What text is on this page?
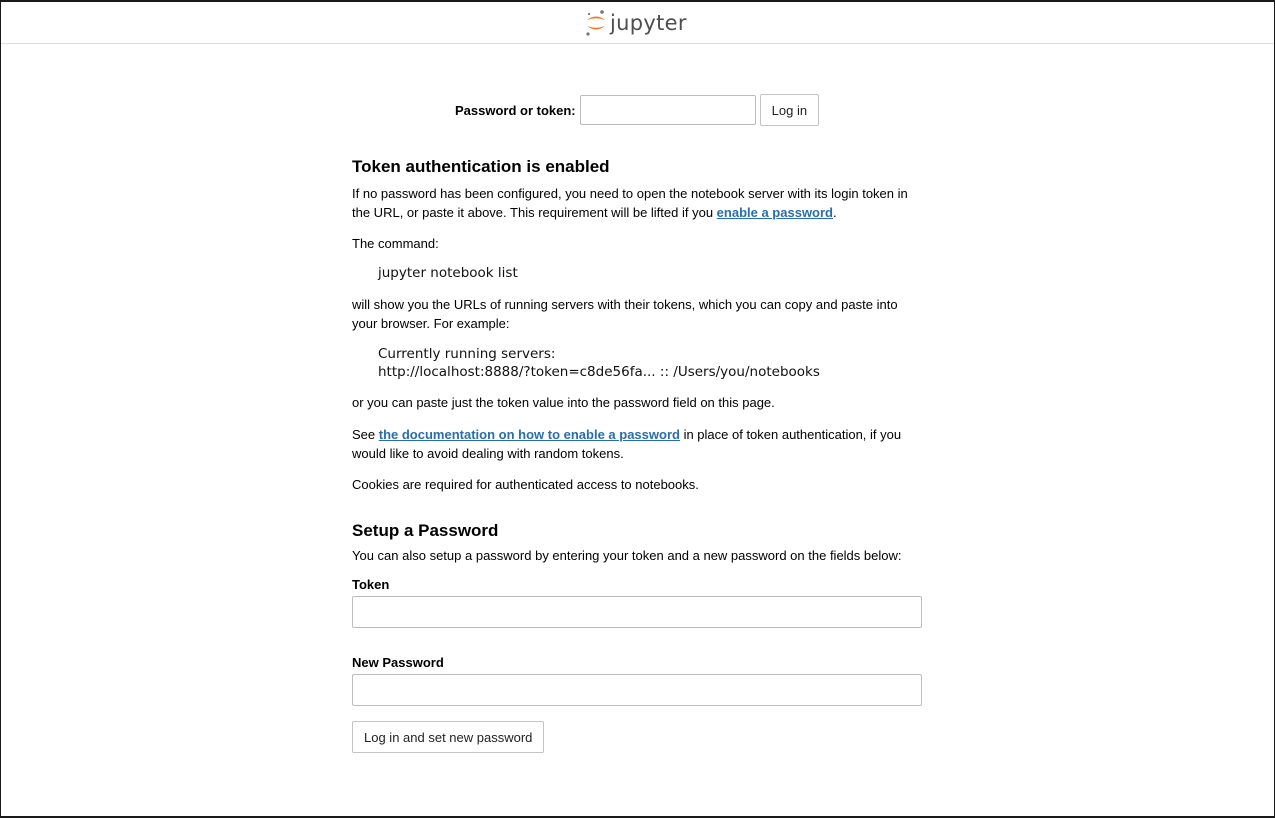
jupyter
Password or token:	Log in
Token authentication is enabled

If no password has been configured, you need to open the notebook server with its login token in the URL, or paste it above. This requirement will be lifted if you enable a password.

The command:

jupyter notebook list

will show you the URLs of running servers with their tokens, which you can copy and paste into your browser. For example:

Currently running servers:
http://localhost:8888/?token=c8de56fa... :: /Users/you/notebooks

or you can paste just the token value into the password field on this page.

See the documentation on how to enable a password in place of token authentication, if you would like to avoid dealing with random tokens.

Cookies are required for authenticated access to notebooks.

Setup a Password

You can also setup a password by entering your token and a new password on the fields below:

Token
New Password
Log in and set new password
